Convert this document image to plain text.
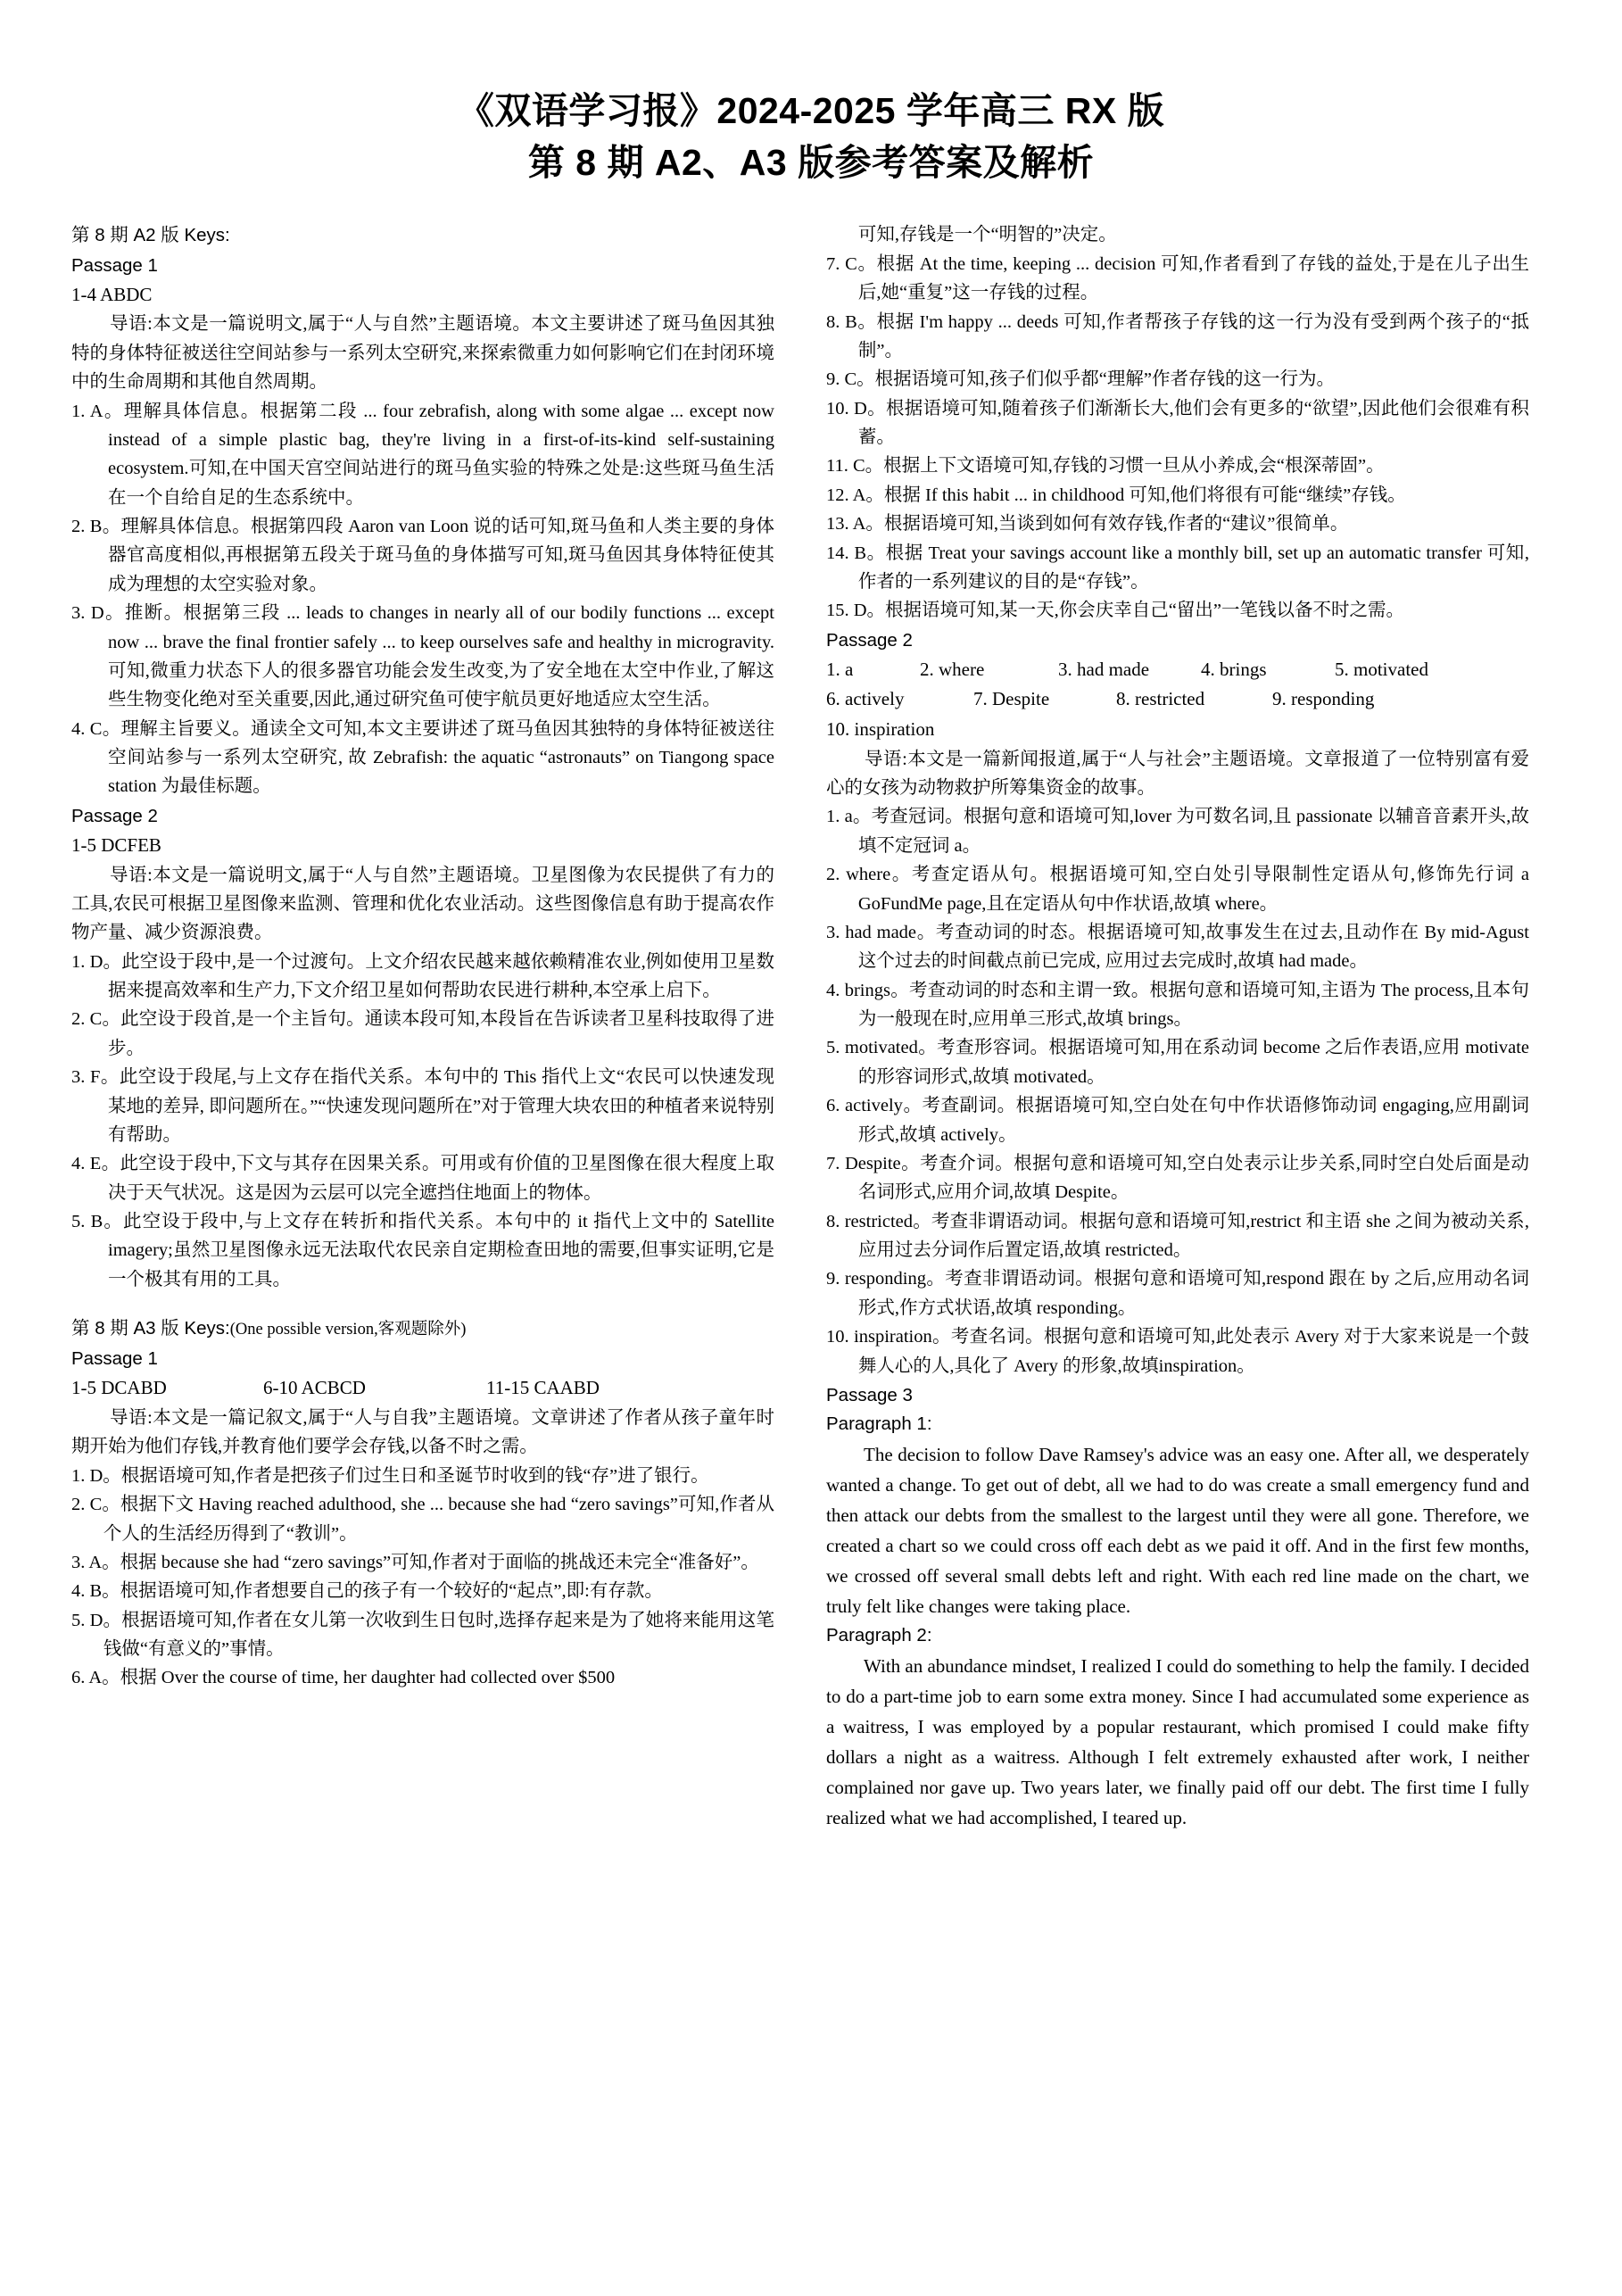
《双语学习报》2024-2025 学年高三 RX 版
第 8 期 A2、A3 版参考答案及解析
第 8 期 A2 版 Keys:
Passage 1
1-4 ABDC
导语:本文是一篇说明文,属于“人与自然”主题语境。本文主要讲述了斑马鱼因其独特的身体特征被送往空间站参与一系列太空研究,来探索微重力如何影响它们在封闭环境中的生命周期和其他自然周期。
1. A。理解具体信息。根据第二段 ... four zebrafish, along with some algae ... except now instead of a simple plastic bag, they're living in a first-of-its-kind self-sustaining ecosystem.可知,在中国天宫空间站进行的斑马鱼实验的特殊之处是:这些斑马鱼生活在一个自给自足的生态系统中。
2. B。理解具体信息。根据第四段 Aaron van Loon 说的话可知,斑马鱼和人类主要的身体器官高度相似,再根据第五段关于斑马鱼的身体描写可知,斑马鱼因其身体特征使其成为理想的太空实验对象。
3. D。推断。根据第三段 ... leads to changes in nearly all of our bodily functions ... except now ... brave the final frontier safely ... to keep ourselves safe and healthy in microgravity.可知,微重力状态下人的很多器官功能会发生改变,为了安全地在太空中作业,了解这些生物变化绝对至关重要,因此,通过研究鱼可使宇航员更好地适应太空生活。
4. C。理解主旨要义。通读全文可知,本文主要讲述了斑马鱼因其独特的身体特征被送往空间站参与一系列太空研究, 故 Zebrafish: the aquatic “astronauts” on Tiangong space station 为最佳标题。
Passage 2
1-5 DCFEB
导语:本文是一篇说明文,属于“人与自然”主题语境。卫星图像为农民提供了有力的工具,农民可根据卫星图像来监测、管理和优化农业活动。这些图像信息有助于提高农作物产量、减少资源浪费。
1. D。此空设于段中,是一个过渡句。上文介绍农民越来越依赖精准农业,例如使用卫星数据来提高效率和生产力,下文介绍卫星如何帮助农民进行耕种,本空承上启下。
2. C。此空设于段首,是一个主旨句。通读本段可知,本段旨在告诉读者卫星科技取得了进步。
3. F。此空设于段尾,与上文存在指代关系。本句中的 This 指代上文“农民可以快速发现某地的差异, 即问题所在。”“快速发现问题所在”对于管理大块农田的种植者来说特别有帮助。
4. E。此空设于段中,下文与其存在因果关系。可用或有价值的卫星图像在很大程度上取决于天气状况。这是因为云层可以完全遮挡住地面上的物体。
5. B。此空设于段中,与上文存在转折和指代关系。本句中的 it 指代上文中的 Satellite imagery;虽然卫星图像永远无法取代农民亲自定期检查田地的需要,但事实证明,它是一个极其有用的工具。
第 8 期 A3 版 Keys:(One possible version,客观题除外)
Passage 1
1-5 DCABD	6-10 ACBCD	11-15 CAABD
导语:本文是一篇记叙文,属于“人与自我”主题语境。文章讲述了作者从孩子童年时期开始为他们存钱,并教育他们要学会存钱,以备不时之需。
1. D。根据语境可知,作者是把孩子们过生日和圣诞节时收到的钱“存”进了银行。
2. C。根据下文 Having reached adulthood, she ... because she had “zero savings”可知,作者从个人的生活经历得到了“教训”。
3. A。根据 because she had “zero savings”可知,作者对于面临的挑战还未完全“准备好”。
4. B。根据语境可知,作者想要自己的孩子有一个较好的“起点”,即:有存款。
5. D。根据语境可知,作者在女儿第一次收到生日包时,选择存起来是为了她将来能用这笔钱做“有意义的”事情。
6. A。根据 Over the course of time, her daughter had collected over $500
可知,存钱是一个“明智的”决定。
7. C。根据 At the time, keeping ... decision 可知,作者看到了存钱的益处,于是在儿子出生后,她“重复”这一存钱的过程。
8. B。根据 I'm happy ... deeds 可知,作者帮孩子存钱的这一行为没有受到两个孩子的“抵制”。
9. C。根据语境可知,孩子们似乎都“理解”作者存钱的这一行为。
10. D。根据语境可知,随着孩子们渐渐长大,他们会有更多的“欲望”,因此他们会很难有积蓄。
11. C。根据上下文语境可知,存钱的习惯一旦从小养成,会“根深蒂固”。
12. A。根据 If this habit ... in childhood 可知,他们将很有可能“继续”存钱。
13. A。根据语境可知,当谈到如何有效存钱,作者的“建议”很简单。
14. B。根据 Treat your savings account like a monthly bill, set up an automatic transfer 可知,作者的一系列建议的目的是“存钱”。
15. D。根据语境可知,某一天,你会庆幸自己“留出”一笔钱以备不时之需。
Passage 2
1. a	2. where	3. had made	4. brings	5. motivated
6. actively	7. Despite	8. restricted	9. responding
10. inspiration
导语:本文是一篇新闻报道,属于“人与社会”主题语境。文章报道了一位特别富有爱心的女孩为动物救护所筹集资金的故事。
1. a。考查冠词。根据句意和语境可知,lover 为可数名词,且 passionate 以辅音音素开头,故填不定冠词 a。
2. where。考查定语从句。根据语境可知,空白处引导限制性定语从句,修饰先行词 a GoFundMe page,且在定语从句中作状语,故填 where。
3. had made。考查动词的时态。根据语境可知,故事发生在过去,且动作在 By mid-Agust 这个过去的时间截点前已完成, 应用过去完成时,故填 had made。
4. brings。考查动词的时态和主谓一致。根据句意和语境可知,主语为 The process,且本句为一般现在时,应用单三形式,故填 brings。
5. motivated。考查形容词。根据语境可知,用在系动词 become 之后作表语,应用 motivate 的形容词形式,故填 motivated。
6. actively。考查副词。根据语境可知,空白处在句中作状语修饰动词 engaging,应用副词形式,故填 actively。
7. Despite。考查介词。根据句意和语境可知,空白处表示让步关系,同时空白处后面是动名词形式,应用介词,故填 Despite。
8. restricted。考查非谓语动词。根据句意和语境可知,restrict 和主语 she 之间为被动关系,应用过去分词作后置定语,故填 restricted。
9. responding。考查非谓语动词。根据句意和语境可知,respond 跟在 by 之后,应用动名词形式,作方式状语,故填 responding。
10. inspiration。考查名词。根据句意和语境可知,此处表示 Avery 对于大家来说是一个鼓舞人心的人,具化了 Avery 的形象,故填inspiration。
Passage 3
Paragraph 1:
The decision to follow Dave Ramsey's advice was an easy one. After all, we desperately wanted a change. To get out of debt, all we had to do was create a small emergency fund and then attack our debts from the smallest to the largest until they were all gone. Therefore, we created a chart so we could cross off each debt as we paid it off. And in the first few months, we crossed off several small debts left and right. With each red line made on the chart, we truly felt like changes were taking place.
Paragraph 2:
With an abundance mindset, I realized I could do something to help the family. I decided to do a part-time job to earn some extra money. Since I had accumulated some experience as a waitress, I was employed by a popular restaurant, which promised I could make fifty dollars a night as a waitress. Although I felt extremely exhausted after work, I neither complained nor gave up. Two years later, we finally paid off our debt. The first time I fully realized what we had accomplished, I teared up.
